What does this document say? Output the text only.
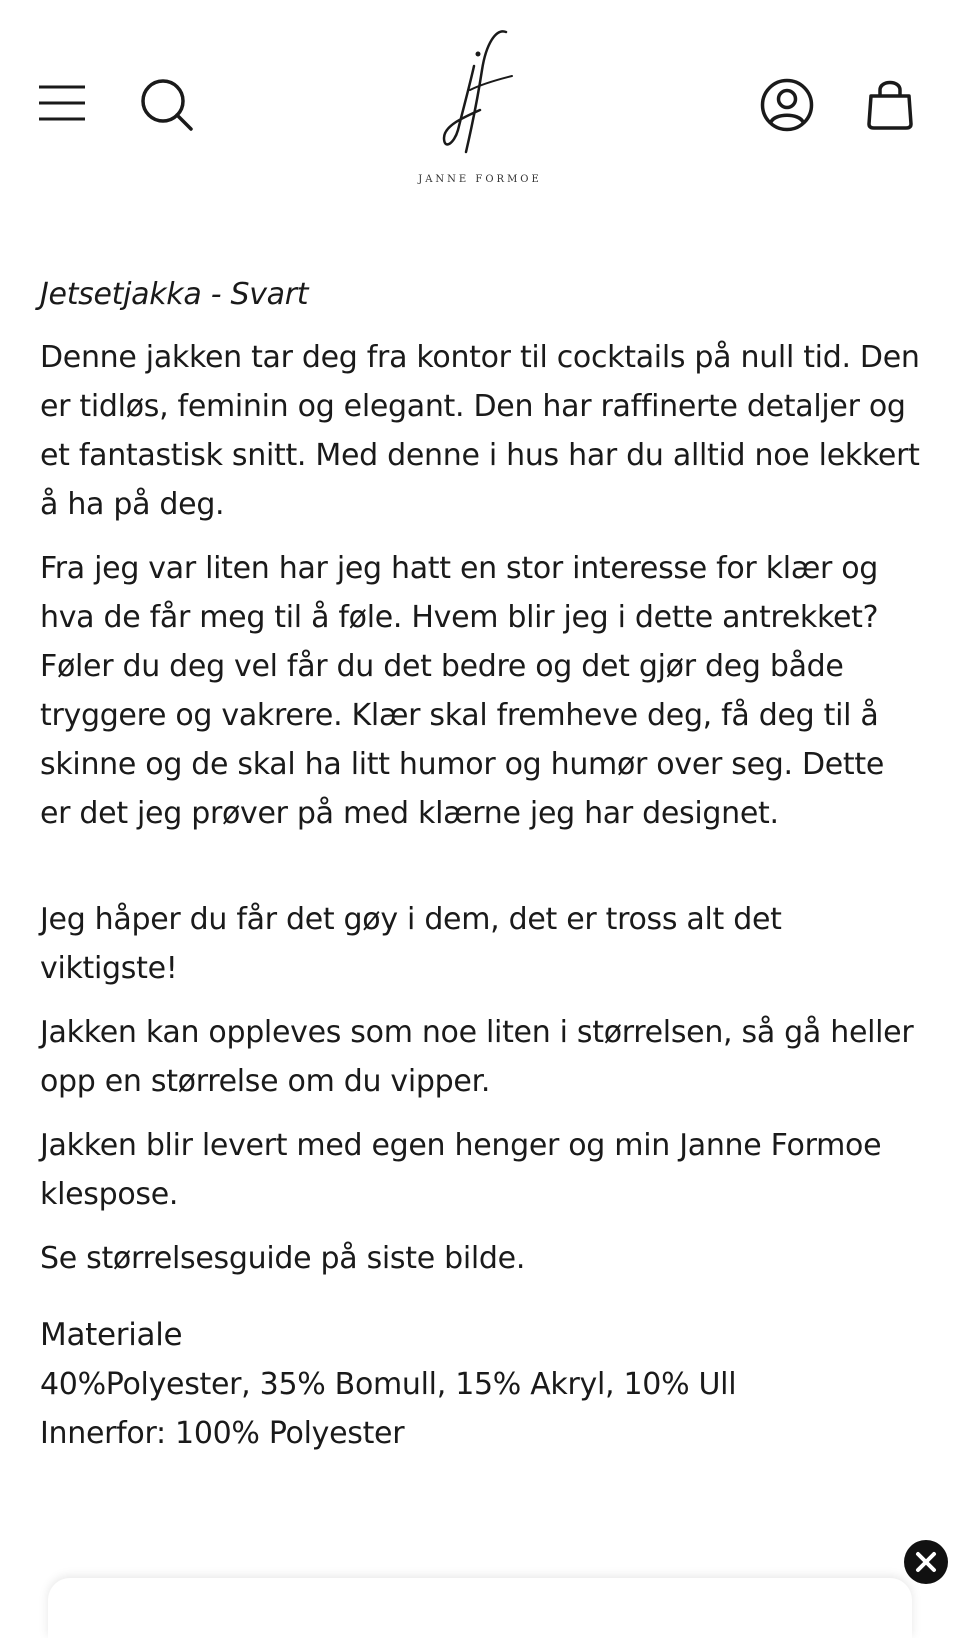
JANNE FORMOE
Jetsetjakka - Svart

Denne jakken tar deg fra kontor til cocktails på null tid. Den er tidløs, feminin og elegant. Den har raffinerte detaljer og et fantastisk snitt. Med denne i hus har du alltid noe lekkert å ha på deg.

Fra jeg var liten har jeg hatt en stor interesse for klær og hva de får meg til å føle. Hvem blir jeg i dette antrekket? Føler du deg vel får du det bedre og det gjør deg både tryggere og vakrere. Klær skal fremheve deg, få deg til å skinne og de skal ha litt humor og humør over seg. Dette er det jeg prøver på med klærne jeg har designet.

Jeg håper du får det gøy i dem, det er tross alt det viktigste!

Jakken kan oppleves som noe liten i størrelsen, så gå heller opp en størrelse om du vipper.

Jakken blir levert med egen henger og min Janne Formoe klespose.

Se størrelsesguide på siste bilde.

Materiale
40%Polyester, 35% Bomull, 15% Akryl, 10% Ull
Innerfor: 100% Polyester
